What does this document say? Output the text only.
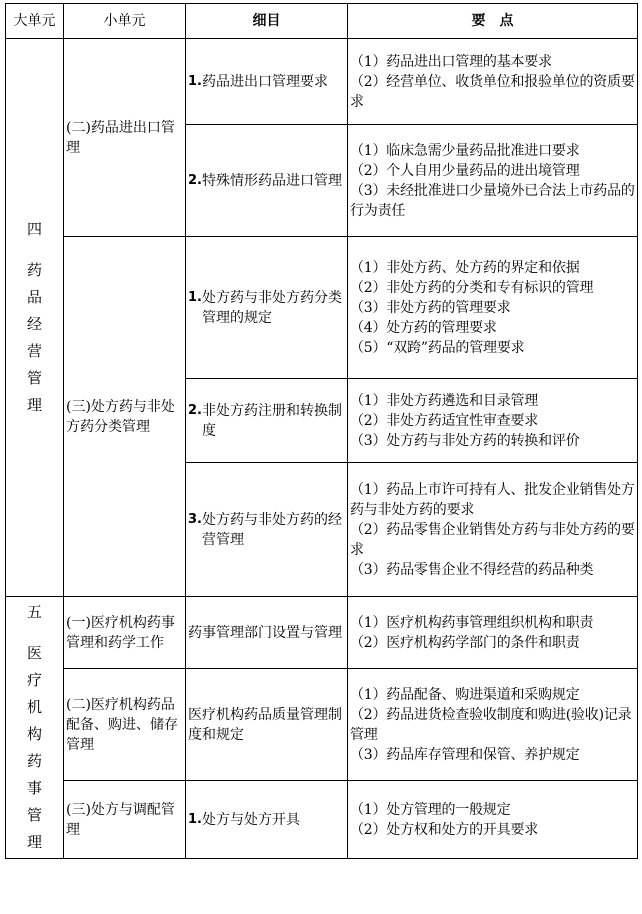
大单元	小单元	细目	要　点

四
药品经营管理	(二)药品进出口管理	1. 药品进出口管理要求	（1）药品进出口管理的基本要求
（2）经营单位、收货单位和报验单位的资质要求

		2. 特殊情形药品进口管理	（1）临床急需少量药品批准进口要求
（2）个人自用少量药品的进出境管理
（3）未经批准进口少量境外已合法上市药品的行为责任

	(三)处方药与非处方药分类管理	1. 处方药与非处方药分类管理的规定	（1）非处方药、处方药的界定和依据
（2）非处方药的分类和专有标识的管理
（3）非处方药的管理要求
（4）处方药的管理要求
（5）“双跨”药品的管理要求

		2. 非处方药注册和转换制度	（1）非处方药遴选和目录管理
（2）非处方药适宜性审查要求
（3）处方药与非处方药的转换和评价

		3. 处方药与非处方药的经营管理	（1）药品上市许可持有人、批发企业销售处方药与非处方药的要求
（2）药品零售企业销售处方药与非处方药的要求
（3）药品零售企业不得经营的药品种类

五
医疗机构药事管理	(一)医疗机构药事管理和药学工作	药事管理部门设置与管理	（1）医疗机构药事管理组织机构和职责
（2）医疗机构药学部门的条件和职责

	(二)医疗机构药品配备、购进、储存管理	医疗机构药品质量管理制度和规定	（1）药品配备、购进渠道和采购规定
（2）药品进货检查验收制度和购进(验收)记录管理
（3）药品库存管理和保管、养护规定

	(三)处方与调配管理	1. 处方与处方开具	（1）处方管理的一般规定
（2）处方权和处方的开具要求
